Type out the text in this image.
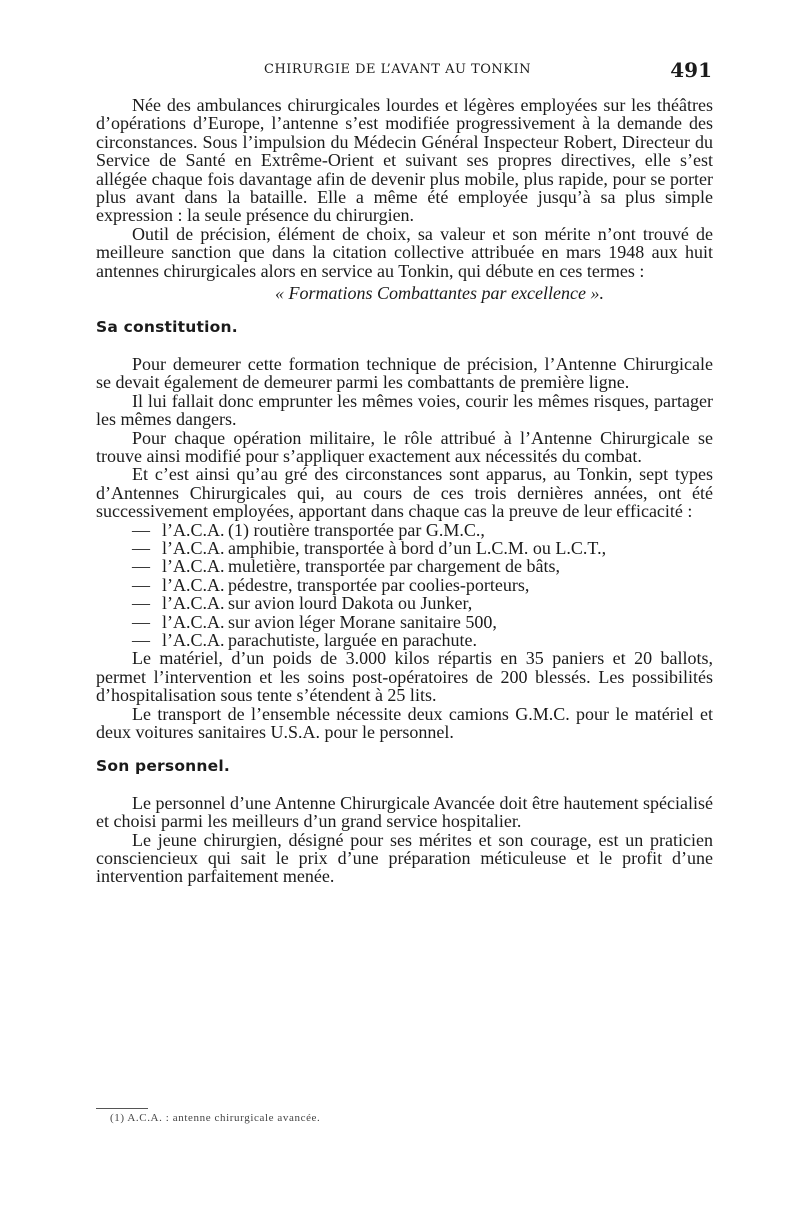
CHIRURGIE DE L’AVANT AU TONKIN	491

Née des ambulances chirurgicales lourdes et légères employées sur les théâtres d’opérations d’Europe, l’antenne s’est modifiée progressivement à la demande des circonstances. Sous l’impulsion du Médecin Général Inspecteur Robert, Directeur du Service de Santé en Extrême-Orient et suivant ses propres directives, elle s’est allégée chaque fois davantage afin de devenir plus mobile, plus rapide, pour se porter plus avant dans la bataille. Elle a même été employée jusqu’à sa plus simple expression : la seule présence du chirurgien.

Outil de précision, élément de choix, sa valeur et son mérite n’ont trouvé de meilleure sanction que dans la citation collective attribuée en mars 1948 aux huit antennes chirurgicales alors en service au Tonkin, qui débute en ces termes :

« Formations Combattantes par excellence ».

Sa constitution.

Pour demeurer cette formation technique de précision, l’Antenne Chirurgicale se devait également de demeurer parmi les combattants de première ligne.

Il lui fallait donc emprunter les mêmes voies, courir les mêmes risques, partager les mêmes dangers.

Pour chaque opération militaire, le rôle attribué à l’Antenne Chirurgicale se trouve ainsi modifié pour s’appliquer exactement aux nécessités du combat.

Et c’est ainsi qu’au gré des circonstances sont apparus, au Tonkin, sept types d’Antennes Chirurgicales qui, au cours de ces trois dernières années, ont été successivement employées, apportant dans chaque cas la preuve de leur efficacité :

— l’A.C.A. (1) routière transportée par G.M.C.,
— l’A.C.A. amphibie, transportée à bord d’un L.C.M. ou L.C.T.,
— l’A.C.A. muletière, transportée par chargement de bâts,
— l’A.C.A. pédestre, transportée par coolies-porteurs,
— l’A.C.A. sur avion lourd Dakota ou Junker,
— l’A.C.A. sur avion léger Morane sanitaire 500,
— l’A.C.A. parachutiste, larguée en parachute.

Le matériel, d’un poids de 3.000 kilos répartis en 35 paniers et 20 ballots, permet l’intervention et les soins post-opératoires de 200 blessés. Les possibilités d’hospitalisation sous tente s’étendent à 25 lits.

Le transport de l’ensemble nécessite deux camions G.M.C. pour le matériel et deux voitures sanitaires U.S.A. pour le personnel.

Son personnel.

Le personnel d’une Antenne Chirurgicale Avancée doit être hautement spécialisé et choisi parmi les meilleurs d’un grand service hospitalier.

Le jeune chirurgien, désigné pour ses mérites et son courage, est un praticien consciencieux qui sait le prix d’une préparation méticuleuse et le profit d’une intervention parfaitement menée.

(1) A.C.A. : antenne chirurgicale avancée.
